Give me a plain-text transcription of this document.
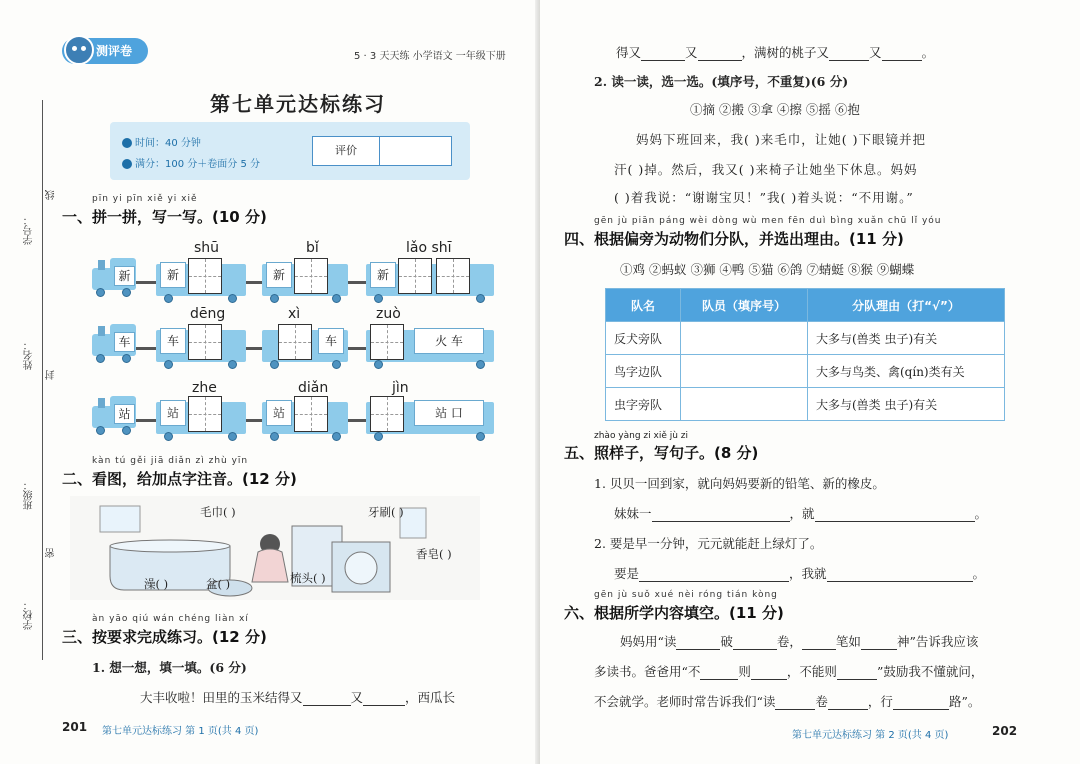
测评卷	5 · 3 天天练 小学语文 一年级下册
学号：
姓名：
班级：
学校：
线
封
密
第七单元达标练习
时间：40 分钟
满分：100 分＋卷面分 5 分
评价
pīn yi pīn xiě yi xiě
一、拼一拼，写一写。(10 分)
新	新
shū
新
bǐ
新
lǎo shī
车	车
dēng
车
xì
火 车
zuò
站	站
zhe
站
diǎn
站 口
jìn
kàn tú gěi jiā diǎn zì zhù yīn
二、看图，给加点字注音。(12 分)
毛巾( )	牙刷( )
香皂( )
澡( )	盆( )	梳头( )
àn yāo qiú wán chéng liàn xí
三、按要求完成练习。(12 分)
1. 想一想，填一填。(6 分)
大丰收啦！田里的玉米结得又	又	，西瓜长
201 第七单元达标练习 第 1 页(共 4 页)
得又	又	，满树的桃子又	又	。
2. 读一读，选一选。(填序号，不重复)(6 分)
①摘 ②搬 ③拿 ④擦 ⑤摇 ⑥抱
妈妈下班回来，我( )来毛巾，让她( )下眼镜并把
汗( )掉。然后，我又( )来椅子让她坐下休息。妈妈
( )着我说：“谢谢宝贝！”我( )着头说：“不用谢。”
gēn jù piān páng wèi dòng wù men fēn duì bìng xuǎn chū lǐ yóu
四、根据偏旁为动物们分队，并选出理由。(11 分)
①鸡 ②蚂蚁 ③狮 ④鸭 ⑤猫 ⑥鸽 ⑦蜻蜓 ⑧猴 ⑨蝴蝶
zhào yàng zi xiě jù zi
五、照样子，写句子。(8 分)
1. 贝贝一回到家，就向妈妈要新的铅笔、新的橡皮。
妹妹一	，就	。
2. 要是早一分钟，元元就能赶上绿灯了。
要是	，我就	。
gēn jù suǒ xué nèi róng tián kòng
六、根据所学内容填空。(11 分)
妈妈用“读	破	卷，	笔如	神”告诉我应该
多读书。爸爸用“不	则	，不能则	”鼓励我不懂就问，
不会就学。老师时常告诉我们“读	卷	，行	路”。
第七单元达标练习 第 2 页(共 4 页)	202
队名	队员（填序号）	分队理由（打“√”）
反犬旁队		大多与(兽类 虫子)有关
鸟字边队		大多与鸟类、禽(qín)类有关
虫字旁队		大多与(兽类 虫子)有关
